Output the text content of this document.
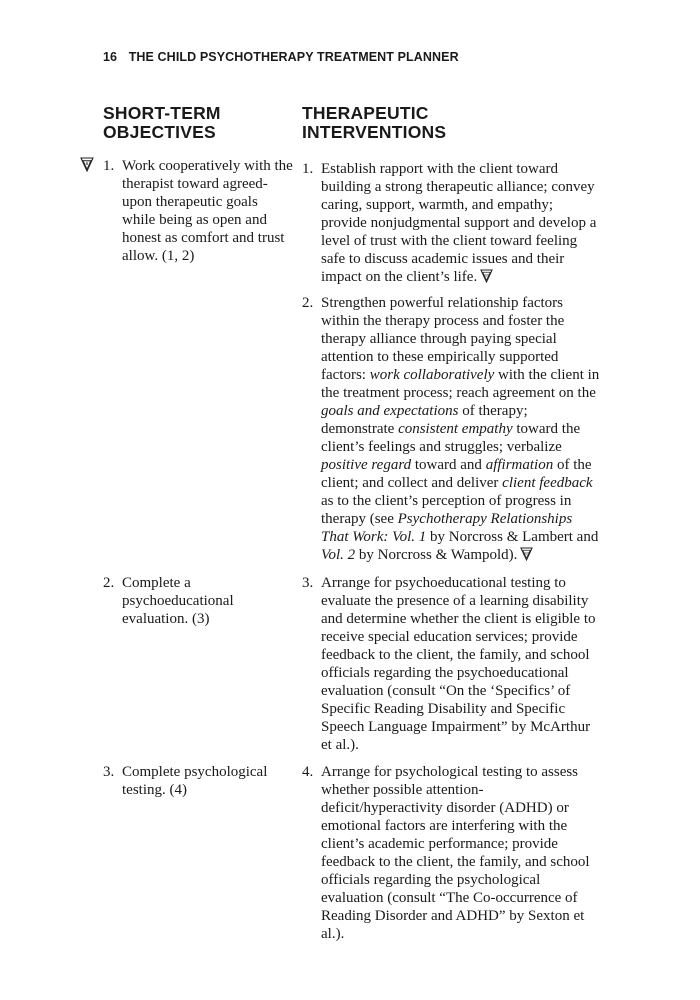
16 THE CHILD PSYCHOTHERAPY TREATMENT PLANNER
SHORT-TERM
OBJECTIVES
THERAPEUTIC
INTERVENTIONS
EBT 1. Work cooperatively with the therapist toward agreed-upon therapeutic goals while being as open and honest as comfort and trust allow. (1, 2)
2. Complete a psychoeducational evaluation. (3)
3. Complete psychological testing. (4)
1. Establish rapport with the client toward building a strong therapeutic alliance; convey caring, support, warmth, and empathy; provide nonjudgmental support and develop a level of trust with the client toward feeling safe to discuss academic issues and their impact on the client’s life. EBT
2. Strengthen powerful relationship factors within the therapy process and foster the therapy alliance through paying special attention to these empirically supported factors: work collaboratively with the client in the treatment process; reach agreement on the goals and expectations of therapy; demonstrate consistent empathy toward the client’s feelings and struggles; verbalize positive regard toward and affirmation of the client; and collect and deliver client feedback as to the client’s perception of progress in therapy (see Psychotherapy Relationships That Work: Vol. 1 by Norcross & Lambert and Vol. 2 by Norcross & Wampold). EBT
3. Arrange for psychoeducational testing to evaluate the presence of a learning disability and determine whether the client is eligible to receive special education services; provide feedback to the client, the family, and school officials regarding the psychoeducational evaluation (consult “On the ‘Specifics’ of Specific Reading Disability and Specific Speech Language Impairment” by McArthur et al.).
4. Arrange for psychological testing to assess whether possible attention-deficit/hyperactivity disorder (ADHD) or emotional factors are interfering with the client’s academic performance; provide feedback to the client, the family, and school officials regarding the psychological evaluation (consult “The Co-occurrence of Reading Disorder and ADHD” by Sexton et al.).
